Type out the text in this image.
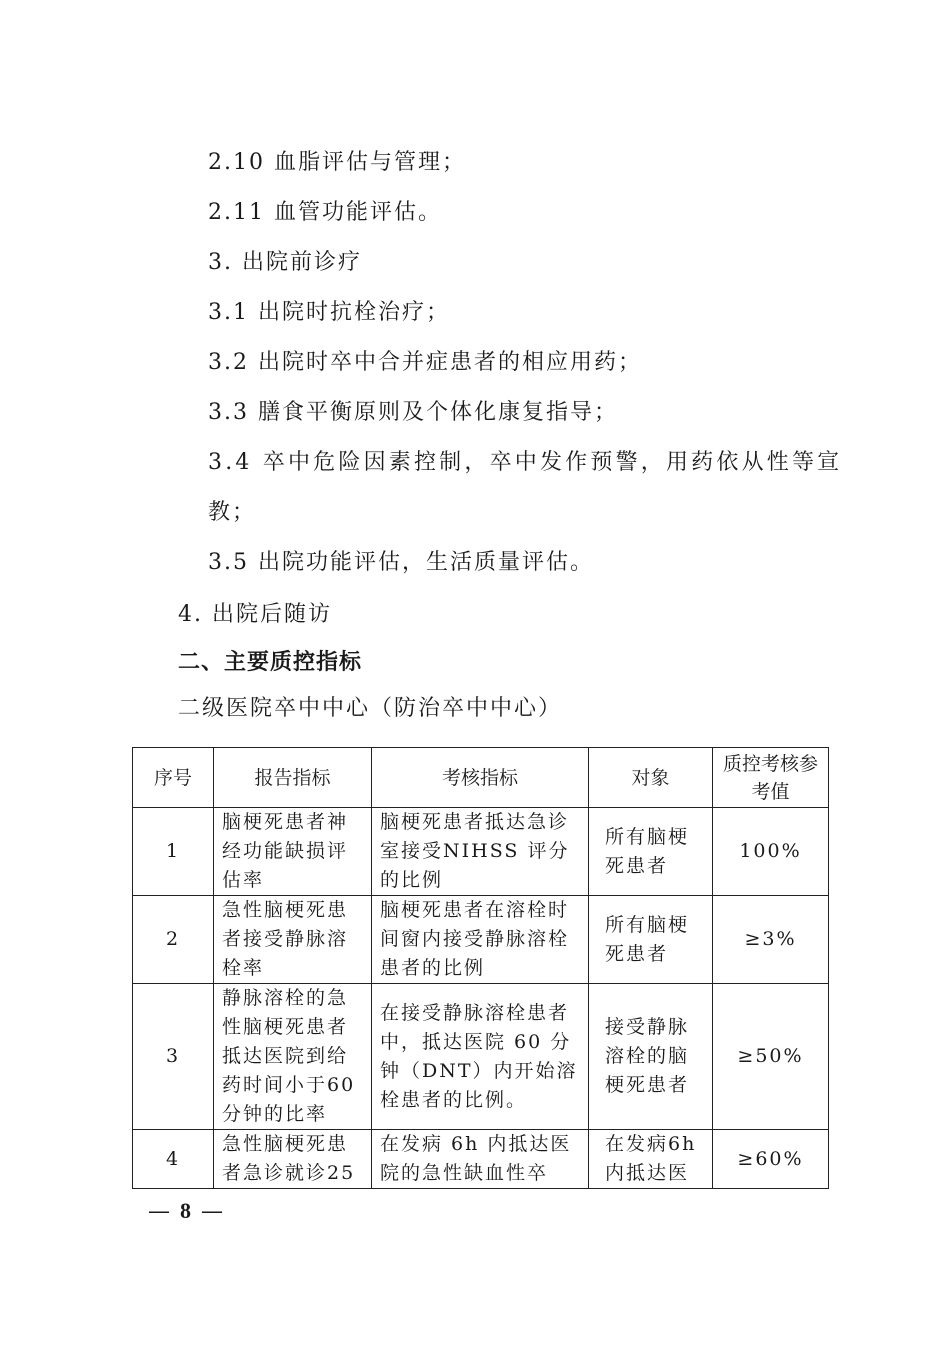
2.10 血脂评估与管理；
2.11 血管功能评估。
3. 出院前诊疗
3.1 出院时抗栓治疗；
3.2 出院时卒中合并症患者的相应用药；
3.3 膳食平衡原则及个体化康复指导；
3.4 卒中危险因素控制，卒中发作预警，用药依从性等宣
教；
3.5 出院功能评估，生活质量评估。
4. 出院后随访
二、主要质控指标
二级医院卒中中心（防治卒中中心）
序号	报告指标	考核指标	对象	质控考核参考值
1	脑梗死患者神经功能缺损评估率	脑梗死患者抵达急诊室接受NIHSS 评分的比例	所有脑梗死患者	100%
2	急性脑梗死患者接受静脉溶栓率	脑梗死患者在溶栓时间窗内接受静脉溶栓患者的比例	所有脑梗死患者	≥3%
3	静脉溶栓的急性脑梗死患者抵达医院到给药时间小于60分钟的比率	在接受静脉溶栓患者中，抵达医院 60 分钟（DNT）内开始溶栓患者的比例。	接受静脉溶栓的脑梗死患者	≥50%
4	急性脑梗死患者急诊就诊25	在发病 6h 内抵达医院的急性缺血性卒	在发病6h内抵达医	≥60%
— 8 —
